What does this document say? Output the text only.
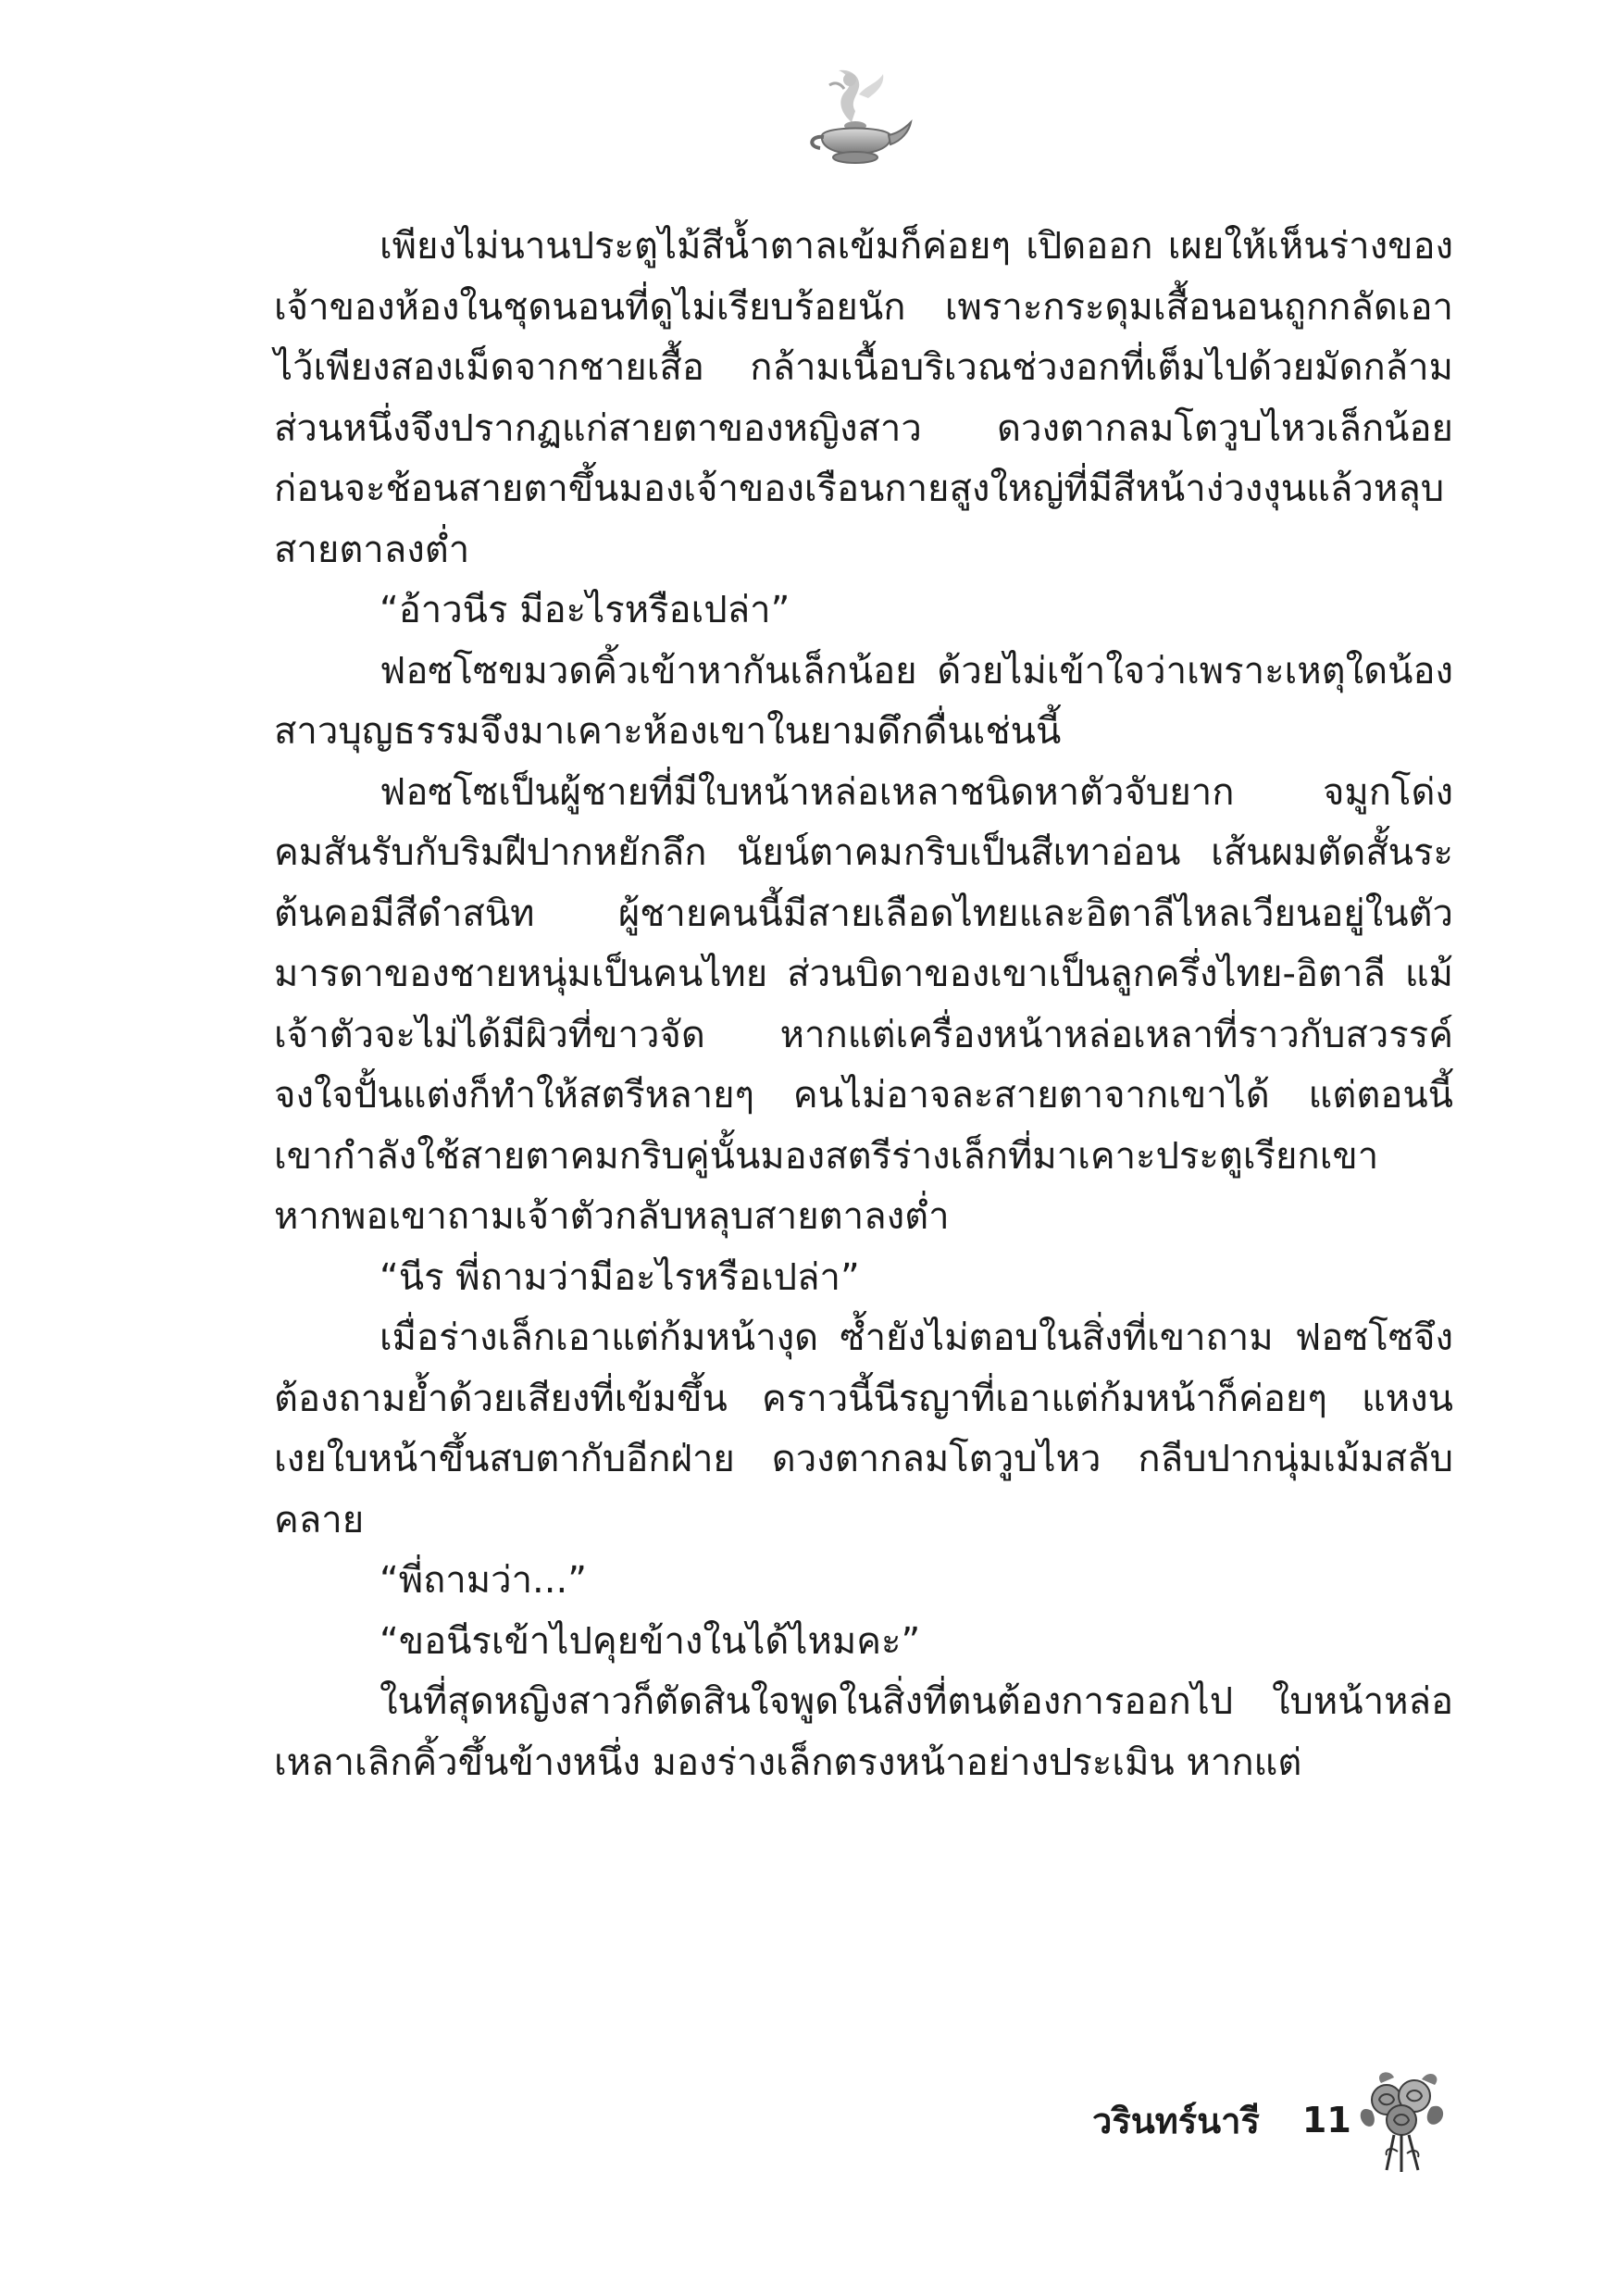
เพียงไม่นานประตูไม้สีน้ำตาลเข้มก็ค่อยๆ เปิดออก เผยให้เห็นร่างของเจ้าของห้องในชุดนอนที่ดูไม่เรียบร้อยนัก เพราะกระดุมเสื้อนอนถูกกลัดเอาไว้เพียงสองเม็ดจากชายเสื้อ กล้ามเนื้อบริเวณช่วงอกที่เต็มไปด้วยมัดกล้ามส่วนหนึ่งจึงปรากฏแก่สายตาของหญิงสาว ดวงตากลมโตวูบไหวเล็กน้อย ก่อนจะช้อนสายตาขึ้นมองเจ้าของเรือนกายสูงใหญ่ที่มีสีหน้าง่วงงุนแล้วหลุบสายตาลงต่ำ

“อ้าวนีร มีอะไรหรือเปล่า”

ฟอซโซขมวดคิ้วเข้าหากันเล็กน้อย ด้วยไม่เข้าใจว่าเพราะเหตุใดน้องสาวบุญธรรมจึงมาเคาะห้องเขาในยามดึกดื่นเช่นนี้

ฟอซโซเป็นผู้ชายที่มีใบหน้าหล่อเหลาชนิดหาตัวจับยาก จมูกโด่งคมสันรับกับริมฝีปากหยักลึก นัยน์ตาคมกริบเป็นสีเทาอ่อน เส้นผมตัดสั้นระต้นคอมีสีดำสนิท ผู้ชายคนนี้มีสายเลือดไทยและอิตาลีไหลเวียนอยู่ในตัว มารดาของชายหนุ่มเป็นคนไทย ส่วนบิดาของเขาเป็นลูกครึ่งไทย-อิตาลี แม้เจ้าตัวจะไม่ได้มีผิวที่ขาวจัด หากแต่เครื่องหน้าหล่อเหลาที่ราวกับสวรรค์จงใจปั้นแต่งก็ทำให้สตรีหลายๆ คนไม่อาจละสายตาจากเขาได้ แต่ตอนนี้เขากำลังใช้สายตาคมกริบคู่นั้นมองสตรีร่างเล็กที่มาเคาะประตูเรียกเขา หากพอเขาถามเจ้าตัวกลับหลุบสายตาลงต่ำ

“นีร พี่ถามว่ามีอะไรหรือเปล่า”

เมื่อร่างเล็กเอาแต่ก้มหน้างุด ซ้ำยังไม่ตอบในสิ่งที่เขาถาม ฟอซโซจึงต้องถามย้ำด้วยเสียงที่เข้มขึ้น คราวนี้นีรญาที่เอาแต่ก้มหน้าก็ค่อยๆ แหงนเงยใบหน้าขึ้นสบตากับอีกฝ่าย ดวงตากลมโตวูบไหว กลีบปากนุ่มเม้มสลับคลาย

“พี่ถามว่า...”

“ขอนีรเข้าไปคุยข้างในได้ไหมคะ”

ในที่สุดหญิงสาวก็ตัดสินใจพูดในสิ่งที่ตนต้องการออกไป ใบหน้าหล่อเหลาเลิกคิ้วขึ้นข้างหนึ่ง มองร่างเล็กตรงหน้าอย่างประเมิน หากแต่

วรินทร์นารี 11
